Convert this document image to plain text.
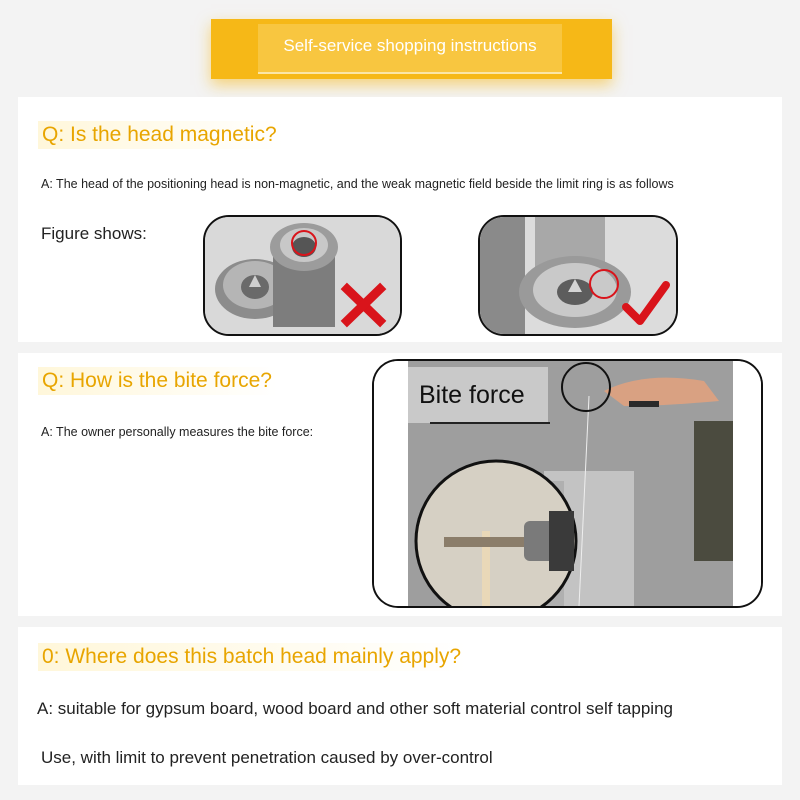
Self-service shopping instructions
Q: Is the head magnetic?
A: The head of the positioning head is non-magnetic, and the weak magnetic field beside the limit ring is as follows
Figure shows:
Q: How is the bite force?
A: The owner personally measures the bite force:
Bite force
0: Where does this batch head mainly apply?
A: suitable for gypsum board, wood board and other soft material control self tapping
Use, with limit to prevent penetration caused by over-control
